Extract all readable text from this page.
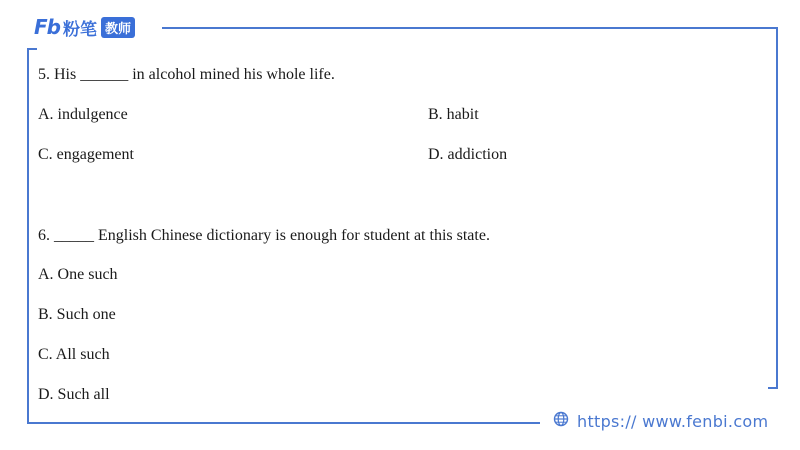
Fb 粉笔 教师
5. His ______ in alcohol mined his whole life.
A. indulgence	B. habit
C. engagement	D. addiction
6. _____ English Chinese dictionary is enough for student at this state.
A. One such
B. Such one
C. All such
D. Such all
https:// www.fenbi.com
